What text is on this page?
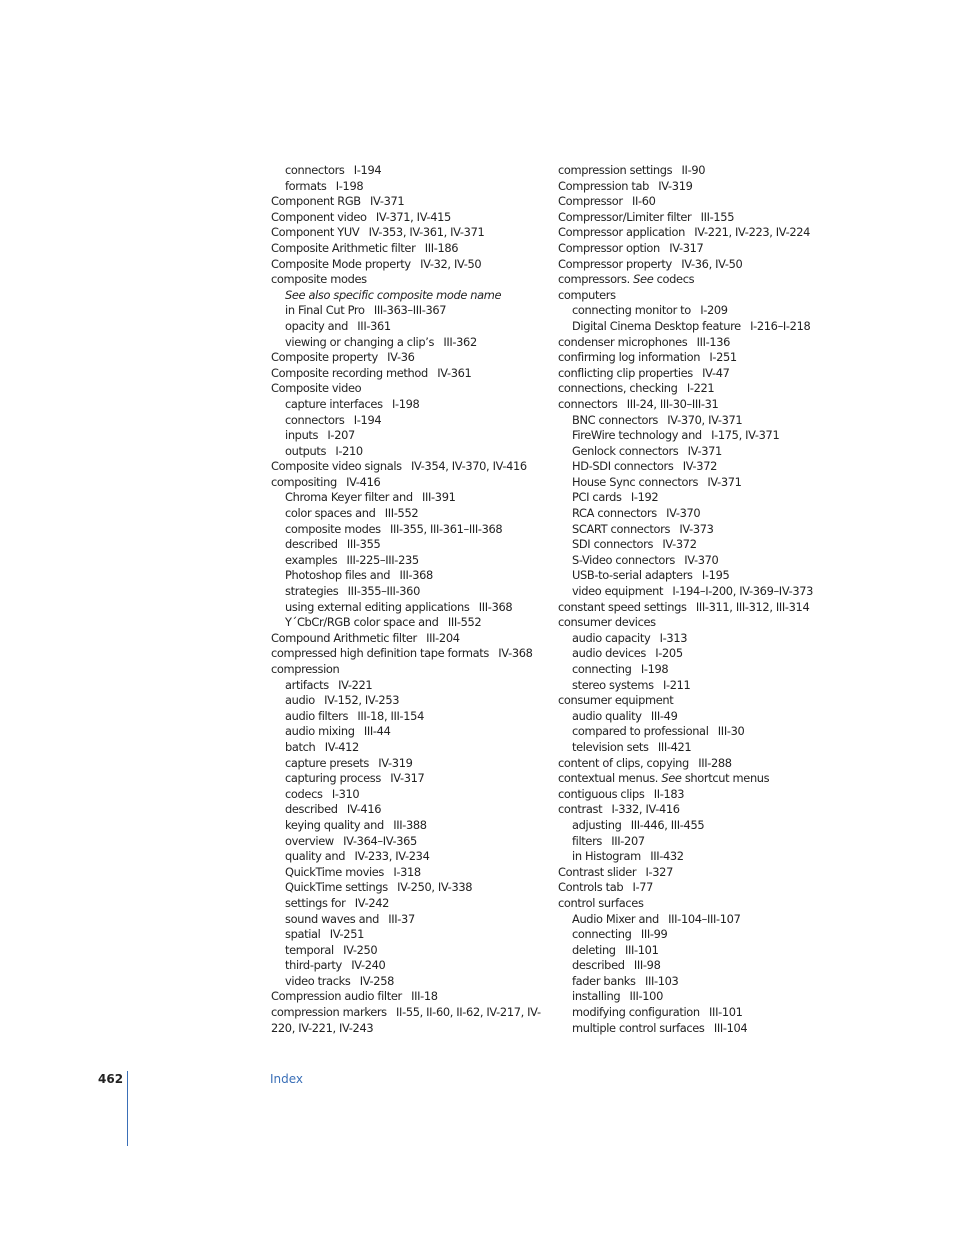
connectors I-194
formats I-198
Component RGB IV-371
Component video IV-371, IV-415
Component YUV IV-353, IV-361, IV-371
Composite Arithmetic filter III-186
Composite Mode property IV-32, IV-50
composite modes
See also specific composite mode name
in Final Cut Pro III-363–III-367
opacity and III-361
viewing or changing a clip’s III-362
Composite property IV-36
Composite recording method IV-361
Composite video
capture interfaces I-198
connectors I-194
inputs I-207
outputs I-210
Composite video signals IV-354, IV-370, IV-416
compositing IV-416
Chroma Keyer filter and III-391
color spaces and III-552
composite modes III-355, III-361–III-368
described III-355
examples III-225–III-235
Photoshop files and III-368
strategies III-355–III-360
using external editing applications III-368
Y´CbCr/RGB color space and III-552
Compound Arithmetic filter III-204
compressed high definition tape formats IV-368
compression
artifacts IV-221
audio IV-152, IV-253
audio filters III-18, III-154
audio mixing III-44
batch IV-412
capture presets IV-319
capturing process IV-317
codecs I-310
described IV-416
keying quality and III-388
overview IV-364–IV-365
quality and IV-233, IV-234
QuickTime movies I-318
QuickTime settings IV-250, IV-338
settings for IV-242
sound waves and III-37
spatial IV-251
temporal IV-250
third-party IV-240
video tracks IV-258
Compression audio filter III-18
compression markers II-55, II-60, II-62, IV-217, IV-220, IV-221, IV-243
compression settings II-90
Compression tab IV-319
Compressor II-60
Compressor/Limiter filter III-155
Compressor application IV-221, IV-223, IV-224
Compressor option IV-317
Compressor property IV-36, IV-50
compressors. See codecs
computers
connecting monitor to I-209
Digital Cinema Desktop feature I-216–I-218
condenser microphones III-136
confirming log information I-251
conflicting clip properties IV-47
connections, checking I-221
connectors III-24, III-30–III-31
BNC connectors IV-370, IV-371
FireWire technology and I-175, IV-371
Genlock connectors IV-371
HD-SDI connectors IV-372
House Sync connectors IV-371
PCI cards I-192
RCA connectors IV-370
SCART connectors IV-373
SDI connectors IV-372
S-Video connectors IV-370
USB-to-serial adapters I-195
video equipment I-194–I-200, IV-369–IV-373
constant speed settings III-311, III-312, III-314
consumer devices
audio capacity I-313
audio devices I-205
connecting I-198
stereo systems I-211
consumer equipment
audio quality III-49
compared to professional III-30
television sets III-421
content of clips, copying III-288
contextual menus. See shortcut menus
contiguous clips II-183
contrast I-332, IV-416
adjusting III-446, III-455
filters III-207
in Histogram III-432
Contrast slider I-327
Controls tab I-77
control surfaces
Audio Mixer and III-104–III-107
connecting III-99
deleting III-101
described III-98
fader banks III-103
installing III-100
modifying configuration III-101
multiple control surfaces III-104
462	Index
